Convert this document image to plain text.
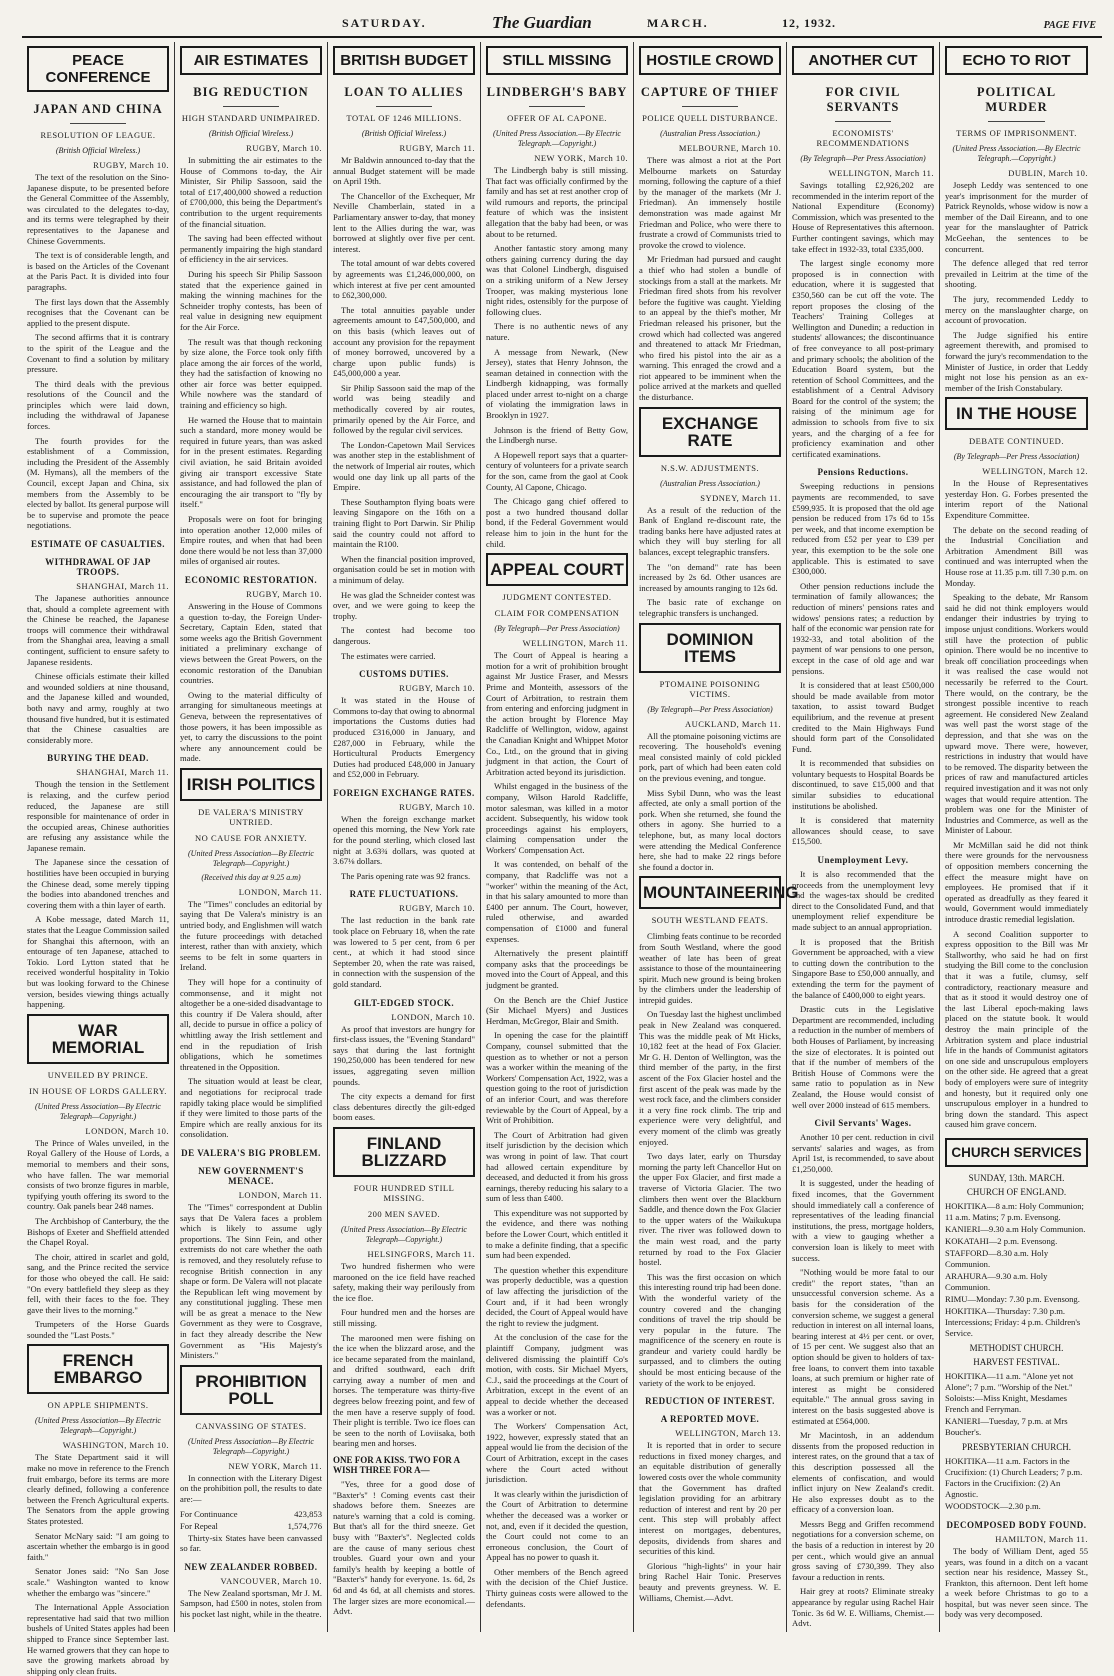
SATURDAY.	The Guardian	MARCH.	12, 1932.	PAGE FIVE
PEACE CONFERENCE
JAPAN AND CHINA
RESOLUTION OF LEAGUE.
(British Official Wireless.)
RUGBY, March 10.

The text of the resolution on the Sino-Japanese dispute, to be presented before the General Committee of the Assembly, was circulated to the delegates to-day, and its terms were telegraphed by their representatives to the Japanese and Chinese Governments.

The text is of considerable length, and is based on the Articles of the Covenant at the Paris Pact. It is divided into four paragraphs.

The first lays down that the Assembly recognises that the Covenant can be applied to the present dispute.

The second affirms that it is contrary to the spirit of the League and the Covenant to find a solution by military pressure.

The third deals with the previous resolutions of the Council and the principles which were laid down, including the withdrawal of Japanese forces.

The fourth provides for the establishment of a Commission, including the President of the Assembly (M. Hymans), all the members of the Council, except Japan and China, six members from the Assembly to be elected by ballot. Its general purpose will be to supervise and promote the peace negotiations.

ESTIMATE OF CASUALTIES.
WITHDRAWAL OF JAP TROOPS.
SHANGHAI, March 11.

The Japanese authorities announce that, should a complete agreement with the Chinese be reached, the Japanese troops will commence their withdrawal from the Shanghai area, leaving a small contingent, sufficient to ensure safety to Japanese residents.

Chinese officials estimate their killed and wounded soldiers at nine thousand, and the Japanese killed and wounded, both navy and army, roughly at two thousand five hundred, but it is estimated that the Chinese casualties are considerably more.

BURYING THE DEAD.
SHANGHAI, March 11.

Though the tension in the Settlement is relaxing, and the curfew period reduced, the Japanese are still responsible for maintenance of order in the occupied areas, Chinese authorities are refusing any assistance while the Japanese remain.

The Japanese since the cessation of hostilities have been occupied in burying the Chinese dead, some merely tipping the bodies into abandoned trenches and covering them with a thin layer of earth.

A Kobe message, dated March 11, states that the League Commission sailed for Shanghai this afternoon, with an entourage of ten Japanese, attached to Tokio. Lord Lytton stated that he received wonderful hospitality in Tokio but was looking forward to the Chinese version, besides viewing things actually happening.

WAR MEMORIAL
UNVEILED BY PRINCE.
IN HOUSE OF LORDS GALLERY.
(United Press Association—By Electric Telegraph—Copyright.)
LONDON, March 10.

The Prince of Wales unveiled, in the Royal Gallery of the House of Lords, a memorial to members and their sons, who have fallen. The war memorial consists of two bronze figures in marble, typifying youth offering its sword to the country. Oak panels bear 248 names.

The Archbishop of Canterbury, the the Bishops of Exeter and Sheffield attended the Chapel Royal.

The choir, attired in scarlet and gold, sang, and the Prince recited the service for those who obeyed the call. He said: "On every battlefield they sleep as they fell, with their faces to the foe. They gave their lives to the morning."

Trumpeters of the Horse Guards sounded the "Last Posts."

FRENCH EMBARGO
ON APPLE SHIPMENTS.
(United Press Association—By Electric Telegraph—Copyright.)
WASHINGTON, March 10.

The State Department said it will make no move in reference to the French fruit embargo, before its terms are more clearly defined, following a conference between the French Agricultural experts. The Senators from the apple growing States protested.

Senator McNary said: "I am going to ascertain whether the embargo is in good faith."

Senator Jones said: "No San Jose scale." Washington wanted to know whether the embargo was "sincere."

The International Apple Association representative had said that two million bushels of United States apples had been shipped to France since September last. He warned growers that they can hope to save the growing markets abroad by shipping only clean fruits.

AIR ESTIMATES
BIG REDUCTION
HIGH STANDARD UNIMPAIRED.
(British Official Wireless.)
RUGBY, March 10.

In submitting the air estimates to the House of Commons to-day, the Air Minister, Sir Philip Sassoon, said the total of £17,400,000 showed a reduction of £700,000, this being the Department's contribution to the urgent requirements of the financial situation.

The saving had been effected without permanently impairing the high standard of efficiency in the air services.

During his speech Sir Philip Sassoon stated that the experience gained in making the winning machines for the Schneider trophy contests, has been of real value in designing new equipment for the Air Force.

The result was that though reckoning by size alone, the Force took only fifth place among the air forces of the world, they had the satisfaction of knowing no other air force was better equipped. While nowhere was the standard of training and efficiency so high.

He warned the House that to maintain such a standard, more money would be required in future years, than was asked for in the present estimates. Regarding civil aviation, he said Britain avoided giving air transport excessive State assistance, and had followed the plan of encouraging the air transport to "fly by itself."

Proposals were on foot for bringing into operation another 12,000 miles of Empire routes, and when that had been done there would be not less than 37,000 miles of organised air routes.

ECONOMIC RESTORATION.
RUGBY, March 10.

Answering in the House of Commons a question to-day, the Foreign Under-Secretary, Captain Eden, stated that some weeks ago the British Government initiated a preliminary exchange of views between the Great Powers, on the economic restoration of the Danubian countries.

Owing to the material difficulty of arranging for simultaneous meetings at Geneva, between the representatives of those powers, it has been impossible as yet, to carry the discussions to the point where any announcement could be made.

IRISH POLITICS
DE VALERA'S MINISTRY UNTRIED.
NO CAUSE FOR ANXIETY.
(United Press Association—By Electric Telegraph—Copyright.)
(Received this day at 9.25 a.m)
LONDON, March 11.

The "Times" concludes an editorial by saying that De Valera's ministry is an untried body, and Englishmen will watch the future proceedings with detached interest, rather than with anxiety, which seems to be felt in some quarters in Ireland.

They will hope for a continuity of commonsense, and it might not altogether be a one-sided disadvantage to this country if De Valera should, after all, decide to pursue in office a policy of whittling away the Irish settlement and end in the repudiation of Irish obligations, which he sometimes threatened in the Opposition.

The situation would at least be clear, and negotiations for reciprocal trade rapidly taking place would be simplified if they were limited to those parts of the Empire which are really anxious for its consolidation.

DE VALERA'S BIG PROBLEM.
NEW GOVERNMENT'S MENACE.
LONDON, March 11.

The "Times" correspondent at Dublin says that De Valera faces a problem which is likely to assume ugly proportions. The Sinn Fein, and other extremists do not care whether the oath is removed, and they resolutely refuse to recognise British connection in any shape or form. De Valera will not placate the Republican left wing movement by any constitutional juggling. These men will be as great a menace to the New Government as they were to Cosgrave, in fact they already describe the New Government as "His Majesty's Ministers."

PROHIBITION POLL
CANVASSING OF STATES.
(United Press Association—By Electric Telegraph—Copyright.)
NEW YORK, March 11.

In connection with the Literary Digest on the prohibition poll, the results to date are:—

For Continuance	423,853
For Repeal	1,574,776

Thirty-six States have been canvassed so far.

NEW ZEALANDER ROBBED.
VANCOUVER, March 10.

The New Zealand sportsman, Mr J. M. Sampson, had £500 in notes, stolen from his pocket last night, while in the theatre.

BRITISH BUDGET
LOAN TO ALLIES
TOTAL OF 1246 MILLIONS.
(British Official Wireless.)
RUGBY, March 11.

Mr Baldwin announced to-day that the annual Budget statement will be made on April 19th.

The Chancellor of the Exchequer, Mr Neville Chamberlain, stated in a Parliamentary answer to-day, that money lent to the Allies during the war, was borrowed at slightly over five per cent. interest.

The total amount of war debts covered by agreements was £1,246,000,000, on which interest at five per cent amounted to £62,300,000.

The total annuities payable under agreements amount to £47,500,000, and on this basis (which leaves out of account any provision for the repayment of money borrowed, uncovered by a charge upon public funds) is £45,000,000 a year.

Sir Philip Sassoon said the map of the world was being steadily and methodically covered by air routes, primarily opened by the Air Force, and followed by the regular civil services.

The London-Capetown Mail Services was another step in the establishment of the network of Imperial air routes, which would one day link up all parts of the Empire.

These Southampton flying boats were leaving Singapore on the 16th on a training flight to Port Darwin. Sir Philip said the country could not afford to maintain the R100.

When the financial position improved, organisation could be set in motion with a minimum of delay.

He was glad the Schneider contest was over, and we were going to keep the trophy.

The contest had become too dangerous.

The estimates were carried.

CUSTOMS DUTIES.
RUGBY, March 10.

It was stated in the House of Commons to-day that owing to abnormal importations the Customs duties had produced £316,000 in January, and £287,000 in February, while the Horticultural Products Emergency Duties had produced £48,000 in January and £52,000 in February.

FOREIGN EXCHANGE RATES.
RUGBY, March 10.

When the foreign exchange market opened this morning, the New York rate for the pound sterling, which closed last night at 3.63¾ dollars, was quoted at 3.67⅛ dollars.

The Paris opening rate was 92 francs.

RATE FLUCTUATIONS.
RUGBY, March 10.

The last reduction in the bank rate took place on February 18, when the rate was lowered to 5 per cent, from 6 per cent., at which it had stood since September 20, when the rate was raised, in connection with the suspension of the gold standard.

GILT-EDGED STOCK.
LONDON, March 10.

As proof that investors are hungry for first-class issues, the "Evening Standard" says that during the last fortnight 190,250,000 has been tendered for new issues, aggregating seven million pounds.

The city expects a demand for first class debentures directly the gilt-edged boom eases.

FINLAND BLIZZARD
FOUR HUNDRED STILL MISSING.
200 MEN SAVED.
(United Press Association—By Electric Telegraph—Copyright.)
HELSINGFORS, March 11.

Two hundred fishermen who were marooned on the ice field have reached safety, making their way perilously from the ice floe.

Four hundred men and the horses are still missing.

The marooned men were fishing on the ice when the blizzard arose, and the ice became separated from the mainland, and drifted southward, each drift carrying away a number of men and horses. The temperature was thirty-five degrees below freezing point, and few of the men have a reserve supply of food. Their plight is terrible. Two ice floes can be seen to the north of Loviisaka, both bearing men and horses.

ONE FOR A KISS. TWO FOR A WISH THREE FOR A—

"Yes, three for a good dose of "Baxter's" ! Coming events cast their shadows before them. Sneezes are nature's warning that a cold is coming. But that's all for the third sneeze. Get busy with "Baxter's". Neglected colds are the cause of many serious chest troubles. Guard your own and your family's health by keeping a bottle of "Baxter's" handy for everyone. 1s. 6d, 2s 6d and 4s 6d, at all chemists and stores. The larger sizes are more economical.—Advt.

STILL MISSING
LINDBERGH'S BABY
OFFER OF AL CAPONE.
(United Press Association.—By Electric Telegraph.—Copyright.)
NEW YORK, March 10.

The Lindbergh baby is still missing. That fact was officially confirmed by the family and has set at rest another crop of wild rumours and reports, the principal feature of which was the insistent allegation that the baby had been, or was about to be returned.

Another fantastic story among many others gaining currency during the day was that Colonel Lindbergh, disguised on a striking uniform of a New Jersey Trooper, was making mysterious lone night rides, ostensibly for the purpose of following clues.

There is no authentic news of any nature.

A message from Newark, (New Jersey), states that Henry Johnson, the seaman detained in connection with the Lindbergh kidnapping, was formally placed under arrest to-night on a charge of violating the immigration laws in Brooklyn in 1927.

Johnson is the friend of Betty Gow, the Lindbergh nurse.

A Hopewell report says that a quarter-century of volunteers for a private search for the son, came from the gaol at Cook County, Al Capone, Chicago.

The Chicago gang chief offered to post a two hundred thousand dollar bond, if the Federal Government would release him to join in the hunt for the child.

APPEAL COURT
JUDGMENT CONTESTED.
CLAIM FOR COMPENSATION
(By Telegraph—Per Press Association)
WELLINGTON, March 11.

The Court of Appeal is hearing a motion for a writ of prohibition brought against Mr Justice Fraser, and Messrs Prime and Monteith, assessors of the Court of Arbitration, to restrain them from entering and enforcing judgment in the action brought by Florence May Radcliffe of Wellington, widow, against the Canadian Knight and Whippet Motor Co., Ltd., on the ground that in giving judgment in that action, the Court of Arbitration acted beyond its jurisdiction.

Whilst engaged in the business of the company, Wilson Harold Radcliffe, motor salesman, was killed in a motor accident. Subsequently, his widow took proceedings against his employers, claiming compensation under the Workers' Compensation Act.

It was contended, on behalf of the company, that Radcliffe was not a "worker" within the meaning of the Act, in that his salary amounted to more than £400 per annum. The Court, however, ruled otherwise, and awarded compensation of £1000 and funeral expenses.

Alternatively the present plaintiff company asks that the proceedings be moved into the Court of Appeal, and this judgment be granted.

On the Bench are the Chief Justice (Sir Michael Myers) and Justices Herdman, McGregor, Blair and Smith.

In opening the case for the plaintiff Company, counsel submitted that the question as to whether or not a person was a worker within the meaning of the Workers' Compensation Act, 1922, was a question going to the root of jurisdiction of an inferior Court, and was therefore reviewable by the Court of Appeal, by a Writ of Prohibition.

The Court of Arbitration had given itself jurisdiction by the decision which was wrong in point of law. That court had allowed certain expenditure by deceased, and deducted it from his gross earnings, thereby reducing his salary to a sum of less than £400.

This expenditure was not supported by the evidence, and there was nothing before the Lower Court, which entitled it to make a definite finding, that a specific sum had been expended.

The question whether this expenditure was properly deductible, was a question of law affecting the jurisdiction of the Court and, if it had been wrongly decided, the Court of Appeal would have the right to review the judgment.

At the conclusion of the case for the plaintiff Company, judgment was delivered dismissing the plaintiff Co's motion, with costs. Sir Michael Myers, C.J., said the proceedings at the Court of Arbitration, except in the event of an appeal to decide whether the deceased was a worker or not.

The Workers' Compensation Act, 1922, however, expressly stated that an appeal would lie from the decision of the Court of Arbitration, except in the cases where the Court acted without jurisdiction.

It was clearly within the jurisdiction of the Court of Arbitration to determine whether the deceased was a worker or not, and, even if it decided the question, the Court could not come to an erroneous conclusion, the Court of Appeal has no power to quash it.

Other members of the Bench agreed with the decision of the Chief Justice. Thirty guineas costs were allowed to the defendants.

HOSTILE CROWD
CAPTURE OF THIEF
POLICE QUELL DISTURBANCE.
(Australian Press Association.)
MELBOURNE, March 10.

There was almost a riot at the Port Melbourne markets on Saturday morning, following the capture of a thief by the manager of the markets (Mr J. Friedman). An immensely hostile demonstration was made against Mr Friedman and Police, who were there to frustrate a crowd of Communists tried to provoke the crowd to violence.

Mr Friedman had pursued and caught a thief who had stolen a bundle of stockings from a stall at the markets. Mr Friedman fired shots from his revolver before the fugitive was caught. Yielding to an appeal by the thief's mother, Mr Friedman released his prisoner, but the crowd which had collected was angered and threatened to attack Mr Friedman, who fired his pistol into the air as a warning. This enraged the crowd and a riot appeared to be imminent when the police arrived at the markets and quelled the disturbance.

EXCHANGE RATE
N.S.W. ADJUSTMENTS.
(Australian Press Association.)
SYDNEY, March 11.

As a result of the reduction of the Bank of England re-discount rate, the trading banks here have adjusted rates at which they will buy sterling for all balances, except telegraphic transfers.

The "on demand" rate has been increased by 2s 6d. Other usances are increased by amounts ranging to 12s 6d.

The basic rate of exchange on telegraphic transfers is unchanged.

DOMINION ITEMS
PTOMAINE POISONING VICTIMS.
(By Telegraph—Per Press Association)
AUCKLAND, March 11.

All the ptomaine poisoning victims are recovering. The household's evening meal consisted mainly of cold pickled pork, part of which had been eaten cold on the previous evening, and tongue.

Miss Sybil Dunn, who was the least affected, ate only a small portion of the pork. When she returned, she found the others in agony. She hurried to a telephone, but, as many local doctors were attending the Medical Conference here, she had to make 22 rings before she found a doctor in.

MOUNTAINEERING
SOUTH WESTLAND FEATS.

Climbing feats continue to be recorded from South Westland, where the good weather of late has been of great assistance to those of the mountaineering spirit. Much new ground is being broken by the climbers under the leadership of intrepid guides.

On Tuesday last the highest unclimbed peak in New Zealand was conquered. This was the middle peak of Mt Hicks, 10,182 feet at the head of Fox Glacier. Mr G. H. Denton of Wellington, was the third member of the party, in the first ascent of the Fox Glacier hostel and the first ascent of the peak was made by the west rock face, and the climbers consider it a very fine rock climb. The trip and experience were very delightful, and every moment of the climb was greatly enjoyed.

Two days later, early on Thursday morning the party left Chancellor Hut on the upper Fox Glacier, and first made a traverse of Victoria Glacier. The two climbers then went over the Blackburn Saddle, and thence down the Fox Glacier to the upper waters of the Waikukupa river. The river was followed down to the main west road, and the party returned by road to the Fox Glacier hostel.

This was the first occasion on which this interesting round trip had been done. With the wonderful variety of the country covered and the changing conditions of travel the trip should be very popular in the future. The magnificence of the scenery en route is grandeur and variety could hardly be surpassed, and to climbers the outing should be most enticing because of the variety of the work to be enjoyed.

REDUCTION OF INTEREST.
A REPORTED MOVE.
WELLINGTON, March 13.

It is reported that in order to secure reductions in fixed money charges, and an equitable distribution of generally lowered costs over the whole community that the Government has drafted legislation providing for an arbitrary reduction of interest and rent by 20 per cent. This step will probably affect interest on mortgages, debentures, deposits, dividends from shares and securities of this kind.

Glorious "high-lights" in your hair bring Rachel Hair Tonic. Preserves beauty and prevents greyness. W. E. Williams, Chemist.—Advt.

ANOTHER CUT
FOR CIVIL SERVANTS
ECONOMISTS' RECOMMENDATIONS
(By Telegraph—Per Press Association)
WELLINGTON, March 11.

Savings totalling £2,926,202 are recommended in the interim report of the National Expenditure (Economy) Commission, which was presented to the House of Representatives this afternoon. Further contingent savings, which may take effect in 1932-33, total £335,000.

The largest single economy more proposed is in connection with education, where it is suggested that £350,560 can be cut off the vote. The report proposes the closing of the Teachers' Training Colleges at Wellington and Dunedin; a reduction in students' allowances; the discontinuance of free conveyance to all post-primary and primary schools; the abolition of the Education Board system, but the retention of School Committees, and the establishment of a Central Advisory Board for the control of the system; the raising of the minimum age for admission to schools from five to six years, and the charging of a fee for proficiency examination and other certificated examinations.

Pensions Reductions.

Sweeping reductions in pensions payments are recommended, to save £599,935. It is proposed that the old age pension be reduced from 17s 6d to 15s per week, and that income exemption be reduced from £52 per year to £39 per year, this exemption to be the sole one applicable. This is estimated to save £300,000.

Other pension reductions include the termination of family allowances; the reduction of miners' pensions rates and widows' pensions rates; a reduction by half of the economic war pension rate for 1932-33, and total abolition of the payment of war pensions to one person, except in the case of old age and war pensions.

It is considered that at least £500,000 should be made available from motor taxation, to assist toward Budget equilibrium, and the revenue at present credited to the Main Highways Fund should form part of the Consolidated Fund.

It is recommended that subsidies on voluntary bequests to Hospital Boards be discontinued, to save £15,000 and that similar subsidies to educational institutions be abolished.

It is considered that maternity allowances should cease, to save £15,500.

Unemployment Levy.

It is also recommended that the proceeds from the unemployment levy and the wages-tax should be credited direct to the Consolidated Fund, and that unemployment relief expenditure be made subject to an annual appropriation.

It is proposed that the British Government be approached, with a view to cutting down the contribution to the Singapore Base to £50,000 annually, and extending the term for the payment of the balance of £400,000 to eight years.

Drastic cuts in the Legislative Department are recommended, including a reduction in the number of members of both Houses of Parliament, by increasing the size of electorates. It is pointed out that if the number of members of the British House of Commons were the same ratio to population as in New Zealand, the House would consist of well over 2000 instead of 615 members.

Civil Servants' Wages.

Another 10 per cent. reduction in civil servants' salaries and wages, as from April 1st, is recommended, to save about £1,250,000.

It is suggested, under the heading of fixed incomes, that the Government should immediately call a conference of representatives of the leading financial institutions, the press, mortgage holders, with a view to gauging whether a conversion loan is likely to meet with success.

"Nothing would be more fatal to our credit" the report states, "than an unsuccessful conversion scheme. As a basis for the consideration of the conversion scheme, we suggest a general reduction in interest on all internal loans, bearing interest at 4½ per cent. or over, of 15 per cent. We suggest also that an option should be given to holders of tax-free loans, to convert them into taxable loans, at such premium or higher rate of interest as might be considered equitable." The annual gross saving in interest on the basis suggested above is estimated at £564,000.

Mr Macintosh, in an addendum dissents from the proposed reduction in interest rates, on the ground that a tax of this description possessed all the elements of confiscation, and would inflict injury on New Zealand's credit. He also expresses doubt as to the efficacy of a conversion loan.

Messrs Begg and Griffen recommend negotiations for a conversion scheme, on the basis of a reduction in interest by 20 per cent., which would give an annual gross saving of £730,399. They also favour a reduction in rents.

Hair grey at roots? Eliminate streaky appearance by regular using Rachel Hair Tonic. 3s 6d W. E. Williams, Chemist.—Advt.

ECHO TO RIOT
POLITICAL MURDER
TERMS OF IMPRISONMENT.
(United Press Association.—By Electric Telegraph.—Copyright.)
DUBLIN, March 10.

Joseph Leddy was sentenced to one year's imprisonment for the murder of Patrick Reynolds, whose widow is now a member of the Dail Eireann, and to one year for the manslaughter of Patrick McGeehan, the sentences to be concurrent.

The defence alleged that red terror prevailed in Leitrim at the time of the shooting.

The jury, recommended Leddy to mercy on the manslaughter charge, on account of provocation.

The Judge signified his entire agreement therewith, and promised to forward the jury's recommendation to the Minister of Justice, in order that Leddy might not lose his pension as an ex-member of the Irish Constabulary.

IN THE HOUSE
DEBATE CONTINUED.
(By Telegraph—Per Press Association)
WELLINGTON, March 12.

In the House of Representatives yesterday Hon. G. Forbes presented the interim report of the National Expenditure Committee.

The debate on the second reading of the Industrial Conciliation and Arbitration Amendment Bill was continued and was interrupted when the House rose at 11.35 p.m. till 7.30 p.m. on Monday.

Speaking to the debate, Mr Ransom said he did not think employers would endanger their industries by trying to impose unjust conditions. Workers would still have the protection of public opinion. There would be no incentive to break off conciliation proceedings when it was realised the case would not necessarily be referred to the Court. There would, on the contrary, be the strongest possible incentive to reach agreement. He considered New Zealand was well past the worst stage of the depression, and that she was on the upward move. There were, however, restrictions in industry that would have to be removed. The disparity between the prices of raw and manufactured articles required investigation and it was not only wages that would require attention. The problem was one for the Minister of Industries and Commerce, as well as the Minister of Labour.

Mr McMillan said he did not think there were grounds for the nervousness of opposition members concerning the effect the measure might have on employees. He promised that if it operated as dreadfully as they feared it would, Government would immediately introduce drastic remedial legislation.

A second Coalition supporter to express opposition to the Bill was Mr Stallworthy, who said he had on first studying the Bill come to the conclusion that it was a futile, clumsy, self contradictory, reactionary measure and that as it stood it would destroy one of the last Liberal epoch-making laws placed on the statute book. It would destroy the main principle of the Arbitration system and place industrial life in the hands of Communist agitators on one side and unscrupulous employers on the other side. He agreed that a great body of employers were sure of integrity and honesty, but it required only one unscrupulous employer in a hundred to bring down the standard. This aspect caused him grave concern.

CHURCH SERVICES
SUNDAY, 13th. MARCH.
CHURCH OF ENGLAND.
HOKITIKA—8 a.m: Holy Communion; 11 a.m. Matins; 7 p.m. Evensong.
KANIERI—9.30 a.m Holy Communion.
KOKATAHI—2 p.m. Evensong.
STAFFORD—8.30 a.m. Holy Communion.
ARAHURA—9.30 a.m. Holy Communion.
RIMU—Monday: 7.30 p.m. Evensong.
HOKITIKA—Thursday: 7.30 p.m. Intercessions; Friday: 4 p.m. Children's Service.
METHODIST CHURCH.
HARVEST FESTIVAL.
HOKITIKA—11 a.m. "Alone yet not Alone"; 7 p.m. "Worship of the Net." Soloists:—Miss Knight, Mesdames French and Ferryman.
KANIERI—Tuesday, 7 p.m. at Mrs Boucher's.
PRESBYTERIAN CHURCH.
HOKITIKA—11 a.m. Factors in the Crucifixion: (1) Church Leaders; 7 p.m. Factors in the Crucifixion: (2) An Agnostic.
WOODSTOCK—2.30 p.m.
DECOMPOSED BODY FOUND.
HAMILTON, March 11.

The body of William Dent, aged 55 years, was found in a ditch on a vacant section near his residence, Massey St., Frankton, this afternoon. Dent left home a week before Christmas to go to a hospital, but was never seen since. The body was very decomposed.
